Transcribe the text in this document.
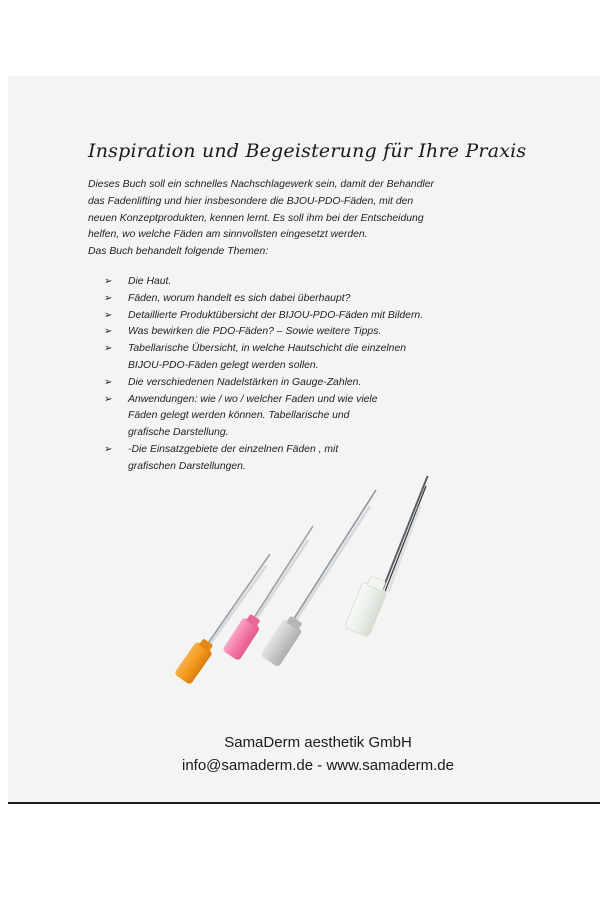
Inspiration und Begeisterung für Ihre Praxis

Dieses Buch soll ein schnelles Nachschlagewerk sein, damit der Behandler

das Fadenlifting und hier insbesondere die BJOU-PDO-Fäden, mit den

neuen Konzeptprodukten, kennen lernt. Es soll ihm bei der Entscheidung

helfen, wo welche Fäden am sinnvollsten eingesetzt werden.

Das Buch behandelt folgende Themen:

➢ Die Haut.
➢ Fäden, worum handelt es sich dabei überhaupt?
➢ Detaillierte Produktübersicht der BIJOU-PDO-Fäden mit Bildern.
➢ Was bewirken die PDO-Fäden? – Sowie weitere Tipps.
➢ Tabellarische Übersicht, in welche Hautschicht die einzelnen
BIJOU-PDO-Fäden gelegt werden sollen.
➢ Die verschiedenen Nadelstärken in Gauge-Zahlen.
➢ Anwendungen: wie / wo / welcher Faden und wie viele
Fäden gelegt werden können. Tabellarische und
grafische Darstellung.
➢ -Die Einsatzgebiete der einzelnen Fäden , mit
grafischen Darstellungen.
SamaDerm aesthetik GmbH
info@samaderm.de - www.samaderm.de
